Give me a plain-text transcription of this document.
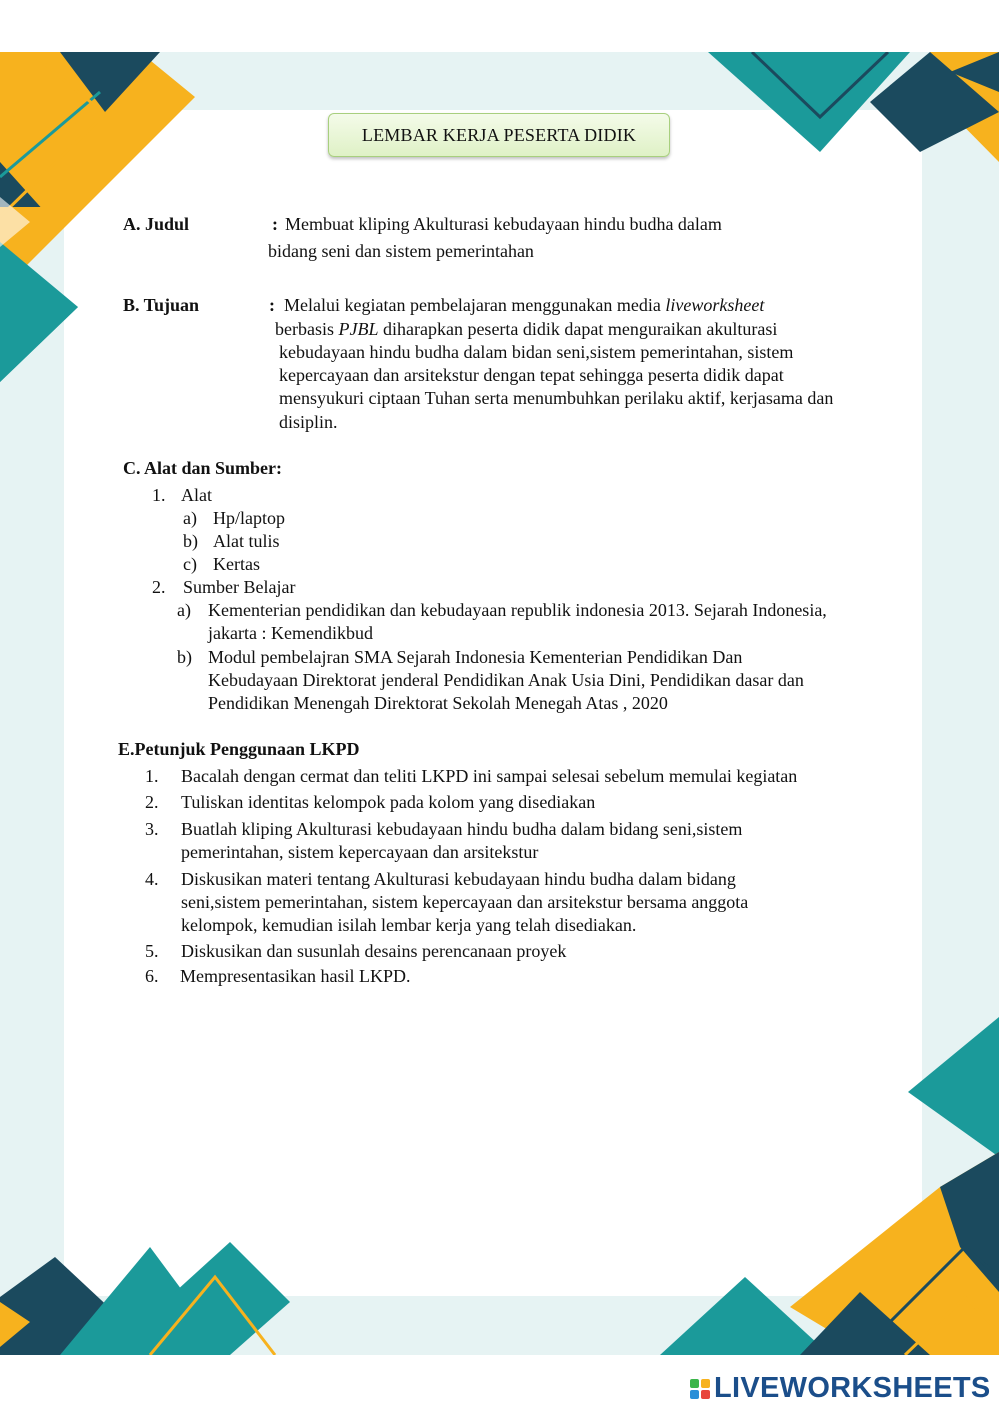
LEMBAR KERJA PESERTA DIDIK
A. Judul	: Membuat kliping Akulturasi kebudayaan hindu budha dalam
bidang seni dan sistem pemerintahan
B. Tujuan	: Melalui kegiatan pembelajaran menggunakan media liveworksheet
berbasis PJBL diharapkan peserta didik dapat menguraikan akulturasi
kebudayaan hindu budha dalam bidan seni,sistem pemerintahan, sistem
kepercayaan dan arsitekstur dengan tepat sehingga peserta didik dapat
mensyukuri ciptaan Tuhan serta menumbuhkan perilaku aktif, kerjasama dan
disiplin.
C. Alat dan Sumber:
1. Alat
a) Hp/laptop
b) Alat tulis
c) Kertas
2. Sumber Belajar
a) Kementerian pendidikan dan kebudayaan republik indonesia 2013. Sejarah Indonesia,
jakarta : Kemendikbud
b) Modul pembelajran SMA Sejarah Indonesia Kementerian Pendidikan Dan
Kebudayaan Direktorat jenderal Pendidikan Anak Usia Dini, Pendidikan dasar dan
Pendidikan Menengah Direktorat Sekolah Menegah Atas , 2020
E.Petunjuk Penggunaan LKPD
1. Bacalah dengan cermat dan teliti LKPD ini sampai selesai sebelum memulai kegiatan
2. Tuliskan identitas kelompok pada kolom yang disediakan
3. Buatlah kliping Akulturasi kebudayaan hindu budha dalam bidang seni,sistem
pemerintahan, sistem kepercayaan dan arsitekstur
4. Diskusikan materi tentang Akulturasi kebudayaan hindu budha dalam bidang
seni,sistem pemerintahan, sistem kepercayaan dan arsitekstur bersama anggota
kelompok, kemudian isilah lembar kerja yang telah disediakan.
5. Diskusikan dan susunlah desains perencanaan proyek
6. Mempresentasikan hasil LKPD.
LIVEWORKSHEETS
